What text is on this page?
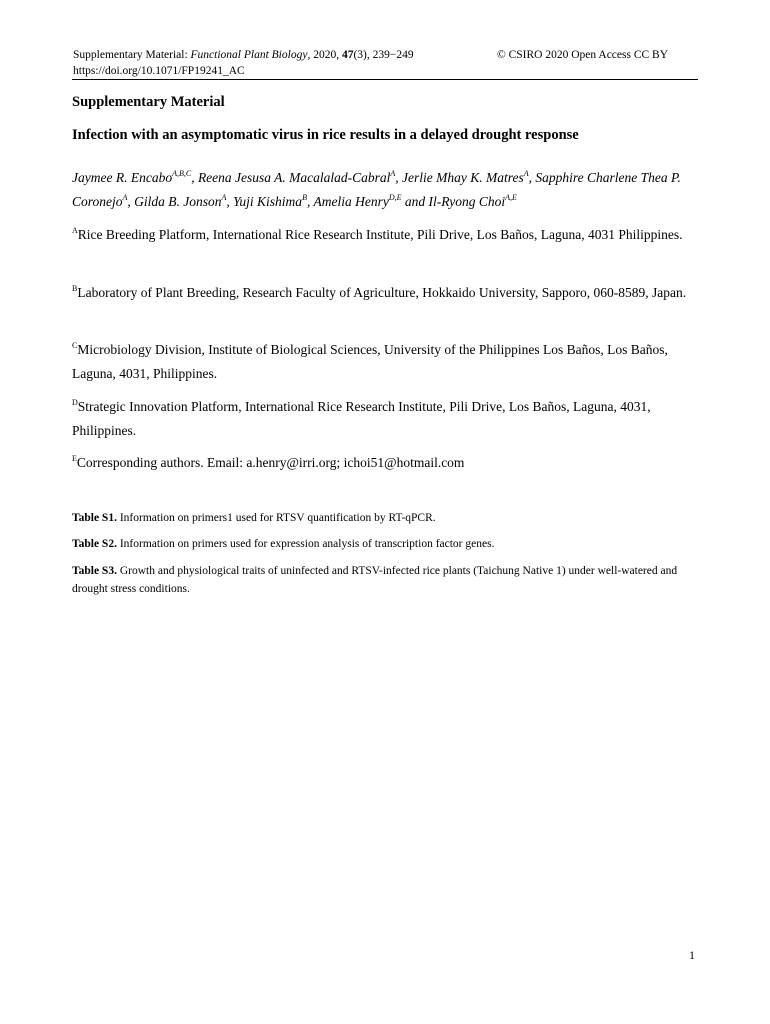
Supplementary Material: Functional Plant Biology, 2020, 47(3), 239−249
https://doi.org/10.1071/FP19241_AC
© CSIRO 2020 Open Access CC BY
Supplementary Material
Infection with an asymptomatic virus in rice results in a delayed drought response
Jaymee R. Encabo$^{A,B,C}$, Reena Jesusa A. Macalalad-Cabral$^A$, Jerlie Mhay K. Matres$^A$, Sapphire Charlene Thea P. Coronejo$^A$, Gilda B. Jonson$^A$, Yuji Kishima$^B$, Amelia Henry$^{D,E}$ and Il-Ryong Choi$^{A,E}$
$^A$Rice Breeding Platform, International Rice Research Institute, Pili Drive, Los Baños, Laguna, 4031 Philippines.
$^B$Laboratory of Plant Breeding, Research Faculty of Agriculture, Hokkaido University, Sapporo, 060-8589, Japan.
$^C$Microbiology Division, Institute of Biological Sciences, University of the Philippines Los Baños, Los Baños, Laguna, 4031, Philippines.
$^D$Strategic Innovation Platform, International Rice Research Institute, Pili Drive, Los Baños, Laguna, 4031, Philippines.
$^E$Corresponding authors. Email: a.henry@irri.org; ichoi51@hotmail.com
Table S1. Information on primers1 used for RTSV quantification by RT-qPCR.
Table S2. Information on primers used for expression analysis of transcription factor genes.
Table S3. Growth and physiological traits of uninfected and RTSV-infected rice plants (Taichung Native 1) under well-watered and drought stress conditions.
1
